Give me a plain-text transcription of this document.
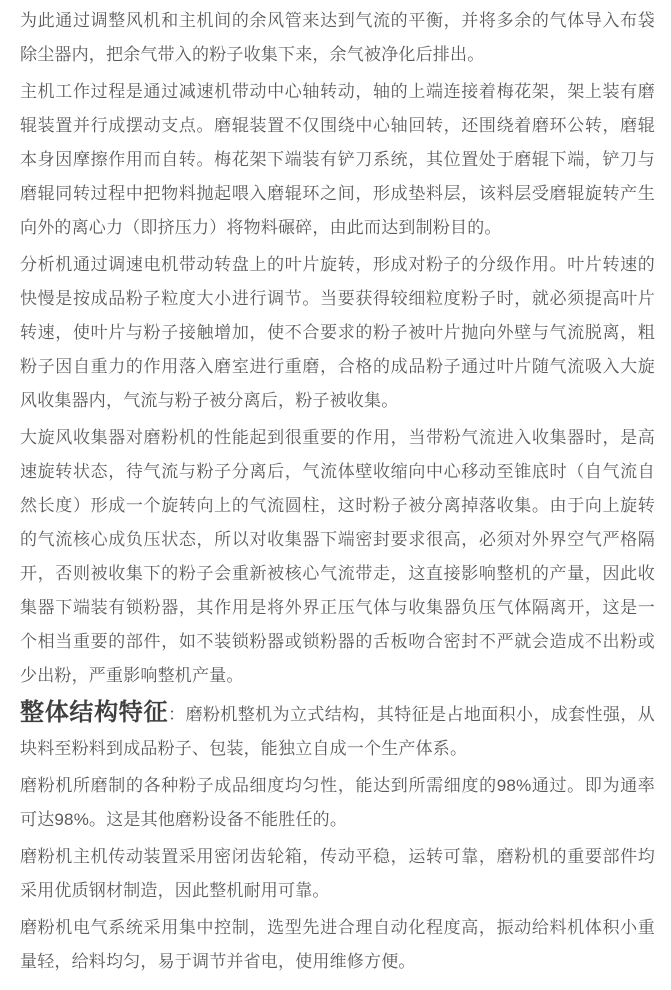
为此通过调整风机和主机间的余风管来达到气流的平衡，并将多余的气体导入布袋除尘器内，把余气带入的粉子收集下来，余气被净化后排出。

主机工作过程是通过减速机带动中心轴转动，轴的上端连接着梅花架，架上装有磨辊装置并行成摆动支点。磨辊装置不仅围绕中心轴回转，还围绕着磨环公转，磨辊本身因摩擦作用而自转。梅花架下端装有铲刀系统，其位置处于磨辊下端，铲刀与磨辊同转过程中把物料抛起喂入磨辊环之间，形成垫料层，该料层受磨辊旋转产生向外的离心力（即挤压力）将物料碾碎，由此而达到制粉目的。

分析机通过调速电机带动转盘上的叶片旋转，形成对粉子的分级作用。叶片转速的快慢是按成品粉子粒度大小进行调节。当要获得较细粒度粉子时，就必须提高叶片转速，使叶片与粉子接触增加，使不合要求的粉子被叶片抛向外壁与气流脱离，粗粉子因自重力的作用落入磨室进行重磨，合格的成品粉子通过叶片随气流吸入大旋风收集器内，气流与粉子被分离后，粉子被收集。

大旋风收集器对磨粉机的性能起到很重要的作用，当带粉气流进入收集器时，是高速旋转状态，待气流与粉子分离后，气流体壁收缩向中心移动至锥底时（自气流自然长度）形成一个旋转向上的气流圆柱，这时粉子被分离掉落收集。由于向上旋转的气流核心成负压状态，所以对收集器下端密封要求很高，必须对外界空气严格隔开，否则被收集下的粉子会重新被核心气流带走，这直接影响整机的产量，因此收集器下端装有锁粉器，其作用是将外界正压气体与收集器负压气体隔离开，这是一个相当重要的部件，如不装锁粉器或锁粉器的舌板吻合密封不严就会造成不出粉或少出粉，严重影响整机产量。

整体结构特征：磨粉机整机为立式结构，其特征是占地面积小，成套性强，从块料至粉料到成品粉子、包装，能独立自成一个生产体系。

磨粉机所磨制的各种粉子成品细度均匀性，能达到所需细度的98%通过。即为通率可达98%。这是其他磨粉设备不能胜任的。

磨粉机主机传动装置采用密闭齿轮箱，传动平稳，运转可靠，磨粉机的重要部件均采用优质钢材制造，因此整机耐用可靠。

磨粉机电气系统采用集中控制，选型先进合理自动化程度高，振动给料机体积小重量轻，给料均匀，易于调节并省电，使用维修方便。
